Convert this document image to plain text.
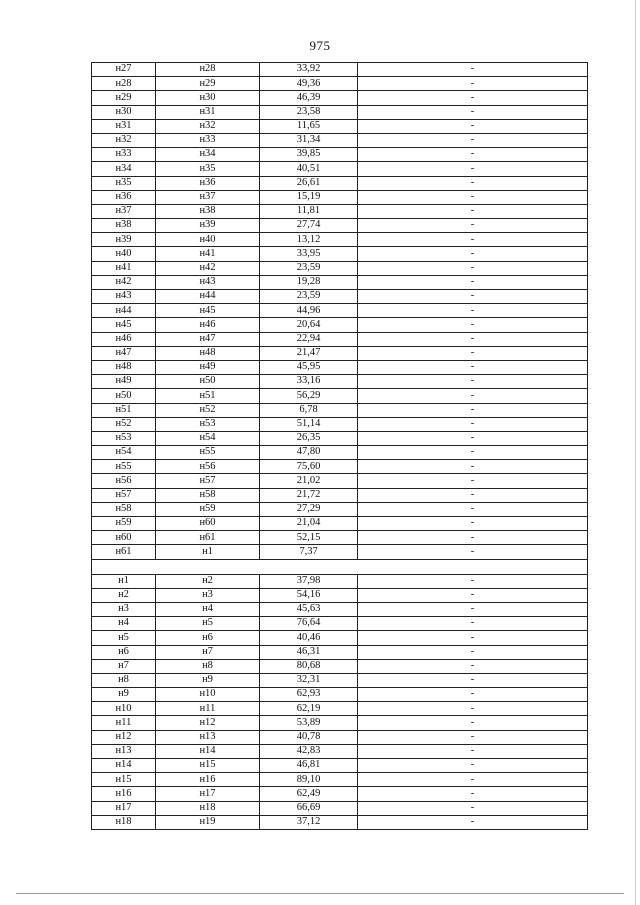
975
н27	н28	33,92	-
н28	н29	49,36	-
н29	н30	46,39	-
н30	н31	23,58	-
н31	н32	11,65	-
н32	н33	31,34	-
н33	н34	39,85	-
н34	н35	40,51	-
н35	н36	26,61	-
н36	н37	15,19	-
н37	н38	11,81	-
н38	н39	27,74	-
н39	н40	13,12	-
н40	н41	33,95	-
н41	н42	23,59	-
н42	н43	19,28	-
н43	н44	23,59	-
н44	н45	44,96	-
н45	н46	20,64	-
н46	н47	22,94	-
н47	н48	21,47	-
н48	н49	45,95	-
н49	н50	33,16	-
н50	н51	56,29	-
н51	н52	6,78	-
н52	н53	51,14	-
н53	н54	26,35	-
н54	н55	47,80	-
н55	н56	75,60	-
н56	н57	21,02	-
н57	н58	21,72	-
н58	н59	27,29	-
н59	н60	21,04	-
н60	н61	52,15	-
н61	н1	7,37	-

н1	н2	37,98	-
н2	н3	54,16	-
н3	н4	45,63	-
н4	н5	76,64	-
н5	н6	40,46	-
н6	н7	46,31	-
н7	н8	80,68	-
н8	н9	32,31	-
н9	н10	62,93	-
н10	н11	62,19	-
н11	н12	53,89	-
н12	н13	40,78	-
н13	н14	42,83	-
н14	н15	46,81	-
н15	н16	89,10	-
н16	н17	62,49	-
н17	н18	66,69	-
н18	н19	37,12	-
